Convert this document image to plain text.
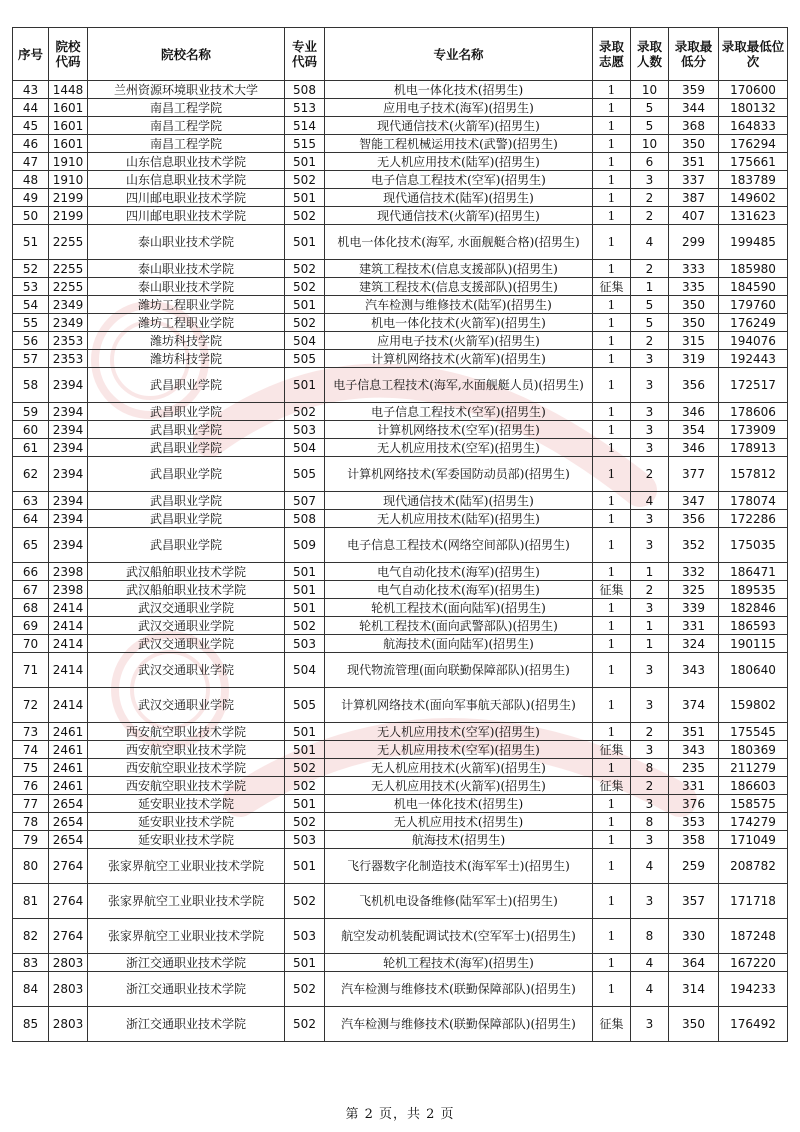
序号	院校代码	院校名称	专业代码	专业名称	录取志愿	录取人数	录取最低分	录取最低位次
43	1448	兰州资源环境职业技术大学	508	机电一体化技术(招男生)	1	10	359	170600
44	1601	南昌工程学院	513	应用电子技术(海军)(招男生)	1	5	344	180132
45	1601	南昌工程学院	514	现代通信技术(火箭军)(招男生)	1	5	368	164833
46	1601	南昌工程学院	515	智能工程机械运用技术(武警)(招男生)	1	10	350	176294
47	1910	山东信息职业技术学院	501	无人机应用技术(陆军)(招男生)	1	6	351	175661
48	1910	山东信息职业技术学院	502	电子信息工程技术(空军)(招男生)	1	3	337	183789
49	2199	四川邮电职业技术学院	501	现代通信技术(陆军)(招男生)	1	2	387	149602
50	2199	四川邮电职业技术学院	502	现代通信技术(火箭军)(招男生)	1	2	407	131623
51	2255	泰山职业技术学院	501	机电一体化技术(海军, 水面舰艇合格)(招男生)	1	4	299	199485
52	2255	泰山职业技术学院	502	建筑工程技术(信息支援部队)(招男生)	1	2	333	185980
53	2255	泰山职业技术学院	502	建筑工程技术(信息支援部队)(招男生)	征集	1	335	184590
54	2349	潍坊工程职业学院	501	汽车检测与维修技术(陆军)(招男生)	1	5	350	179760
55	2349	潍坊工程职业学院	502	机电一体化技术(火箭军)(招男生)	1	5	350	176249
56	2353	潍坊科技学院	504	应用电子技术(火箭军)(招男生)	1	2	315	194076
57	2353	潍坊科技学院	505	计算机网络技术(火箭军)(招男生)	1	3	319	192443
58	2394	武昌职业学院	501	电子信息工程技术(海军,水面舰艇人员)(招男生)	1	3	356	172517
59	2394	武昌职业学院	502	电子信息工程技术(空军)(招男生)	1	3	346	178606
60	2394	武昌职业学院	503	计算机网络技术(空军)(招男生)	1	3	354	173909
61	2394	武昌职业学院	504	无人机应用技术(空军)(招男生)	1	3	346	178913
62	2394	武昌职业学院	505	计算机网络技术(军委国防动员部)(招男生)	1	2	377	157812
63	2394	武昌职业学院	507	现代通信技术(陆军)(招男生)	1	4	347	178074
64	2394	武昌职业学院	508	无人机应用技术(陆军)(招男生)	1	3	356	172286
65	2394	武昌职业学院	509	电子信息工程技术(网络空间部队)(招男生)	1	3	352	175035
66	2398	武汉船舶职业技术学院	501	电气自动化技术(海军)(招男生)	1	1	332	186471
67	2398	武汉船舶职业技术学院	501	电气自动化技术(海军)(招男生)	征集	2	325	189535
68	2414	武汉交通职业学院	501	轮机工程技术(面向陆军)(招男生)	1	3	339	182846
69	2414	武汉交通职业学院	502	轮机工程技术(面向武警部队)(招男生)	1	1	331	186593
70	2414	武汉交通职业学院	503	航海技术(面向陆军)(招男生)	1	1	324	190115
71	2414	武汉交通职业学院	504	现代物流管理(面向联勤保障部队)(招男生)	1	3	343	180640
72	2414	武汉交通职业学院	505	计算机网络技术(面向军事航天部队)(招男生)	1	3	374	159802
73	2461	西安航空职业技术学院	501	无人机应用技术(空军)(招男生)	1	2	351	175545
74	2461	西安航空职业技术学院	501	无人机应用技术(空军)(招男生)	征集	3	343	180369
75	2461	西安航空职业技术学院	502	无人机应用技术(火箭军)(招男生)	1	8	235	211279
76	2461	西安航空职业技术学院	502	无人机应用技术(火箭军)(招男生)	征集	2	331	186603
77	2654	延安职业技术学院	501	机电一体化技术(招男生)	1	3	376	158575
78	2654	延安职业技术学院	502	无人机应用技术(招男生)	1	8	353	174279
79	2654	延安职业技术学院	503	航海技术(招男生)	1	3	358	171049
80	2764	张家界航空工业职业技术学院	501	飞行器数字化制造技术(海军军士)(招男生)	1	4	259	208782
81	2764	张家界航空工业职业技术学院	502	飞机机电设备维修(陆军军士)(招男生)	1	3	357	171718
82	2764	张家界航空工业职业技术学院	503	航空发动机装配调试技术(空军军士)(招男生)	1	8	330	187248
83	2803	浙江交通职业技术学院	501	轮机工程技术(海军)(招男生)	1	4	364	167220
84	2803	浙江交通职业技术学院	502	汽车检测与维修技术(联勤保障部队)(招男生)	1	4	314	194233
85	2803	浙江交通职业技术学院	502	汽车检测与维修技术(联勤保障部队)(招男生)	征集	3	350	176492
第 2 页，共 2 页
